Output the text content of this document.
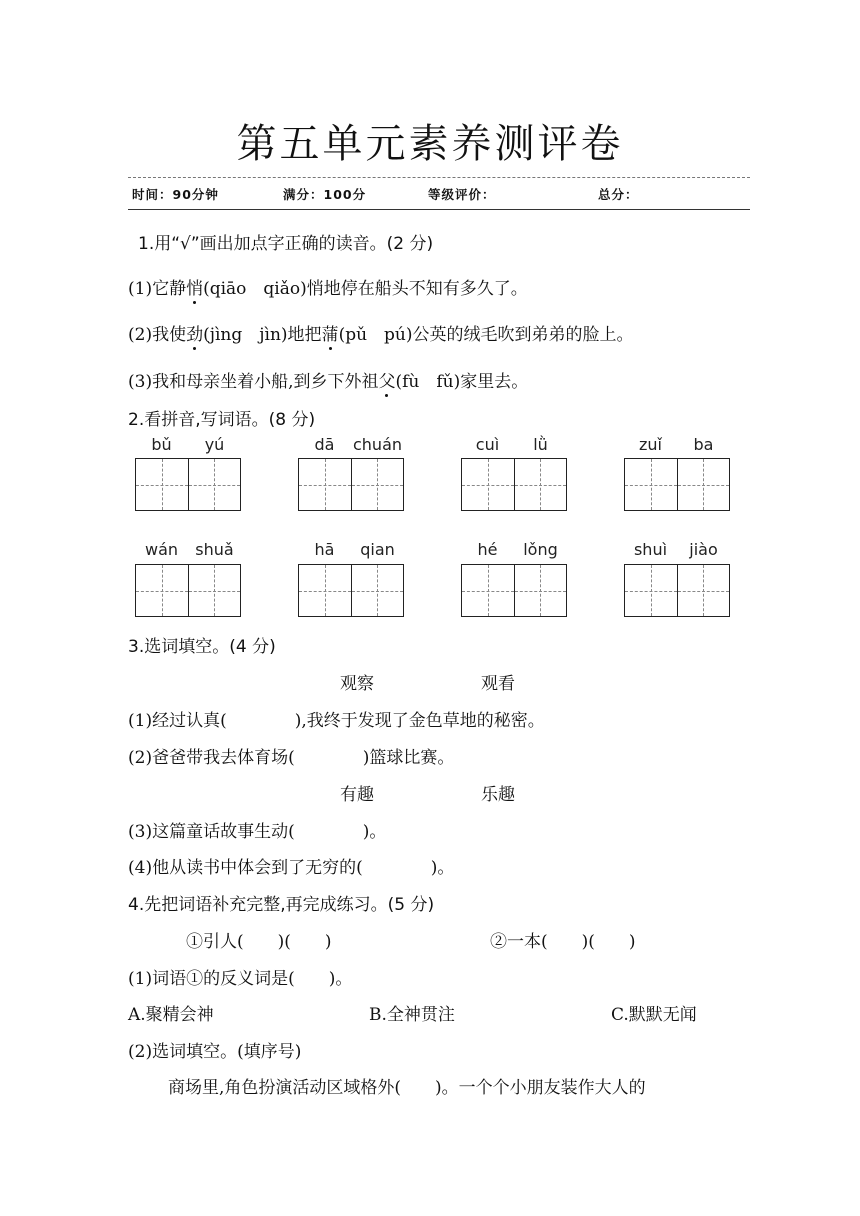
第五单元素养测评卷
时间：90分钟	满分：100分	等级评价：	总分：
1.用“√”画出加点字正确的读音。(2 分)
(1)它静悄(qiāo　qiǎo)悄地停在船头不知有多久了。
(2)我使劲(jìng　jìn)地把蒲(pǔ　pú)公英的绒毛吹到弟弟的脸上。
(3)我和母亲坐着小船,到乡下外祖父(fù　fǔ)家里去。
2.看拼音,写词语。(8 分)
bǔ	yú	dā	chuán	cuì	lǜ	zuǐ	ba
wán	shuǎ	hā	qian	hé	lǒng	shuì	jiào
3.选词填空。(4 分)
观察	观看
(1)经过认真(　　　　),我终于发现了金色草地的秘密。
(2)爸爸带我去体育场(　　　　)篮球比赛。
有趣	乐趣
(3)这篇童话故事生动(　　　　)。
(4)他从读书中体会到了无穷的(　　　　)。
4.先把词语补充完整,再完成练习。(5 分)
①引人(　　)(　　)	②一本(　　)(　　)
(1)词语①的反义词是(　　)。
A.聚精会神	B.全神贯注	C.默默无闻
(2)选词填空。(填序号)
商场里,角色扮演活动区域格外(　　)。一个个小朋友装作大人的
